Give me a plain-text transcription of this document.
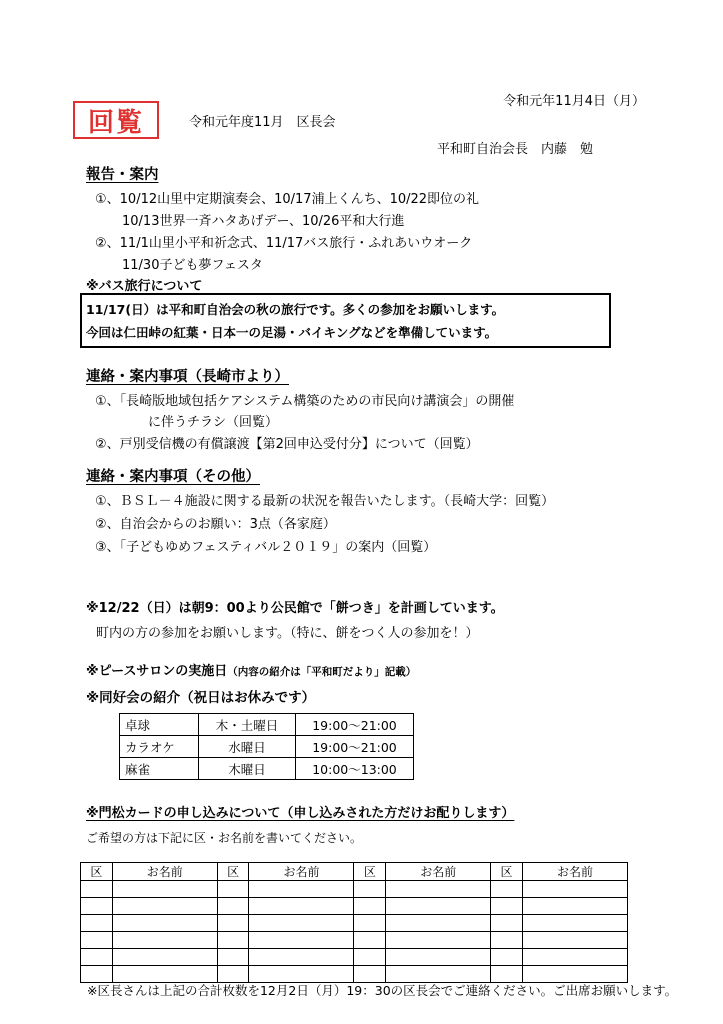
令和元年11月4日（月）
回覧	令和元年度11月　区長会
平和町自治会長　内藤　勉
報告・案内
①、10/12山里中定期演奏会、10/17浦上くんち、10/22即位の礼
10/13世界一斉ハタあげデー、10/26平和大行進
②、11/1山里小平和祈念式、11/17バス旅行・ふれあいウオーク
11/30子ども夢フェスタ
※バス旅行について
11/17(日）は平和町自治会の秋の旅行です。多くの参加をお願いします。
今回は仁田峠の紅葉・日本一の足湯・バイキングなどを準備しています。
連絡・案内事項（長崎市より）
①、「長崎版地域包括ケアシステム構築のための市民向け講演会」の開催
に伴うチラシ（回覧）
②、戸別受信機の有償譲渡【第2回申込受付分】について（回覧）
連絡・案内事項（その他）
①、ＢＳＬ－４施設に関する最新の状況を報告いたします。（長崎大学：回覧）
②、自治会からのお願い：3点（各家庭）
③、「子どもゆめフェスティバル２０１９」の案内（回覧）
※12/22（日）は朝9：00より公民館で「餅つき」を計画しています。
町内の方の参加をお願いします。（特に、餅をつく人の参加を！）
※ピースサロンの実施日（内容の紹介は「平和町だより」記載）
※同好会の紹介（祝日はお休みです）
卓球	木・土曜日	19:00～21:00
カラオケ	水曜日	19:00～21:00
麻雀	木曜日	10:00～13:00
※門松カードの申し込みについて（申し込みされた方だけお配りします）
ご希望の方は下記に区・お名前を書いてください。
区	お名前	区	お名前	区	お名前	区	お名前

※区長さんは上記の合計枚数を12月2日（月）19：30の区長会でご連絡ください。ご出席お願いします。
